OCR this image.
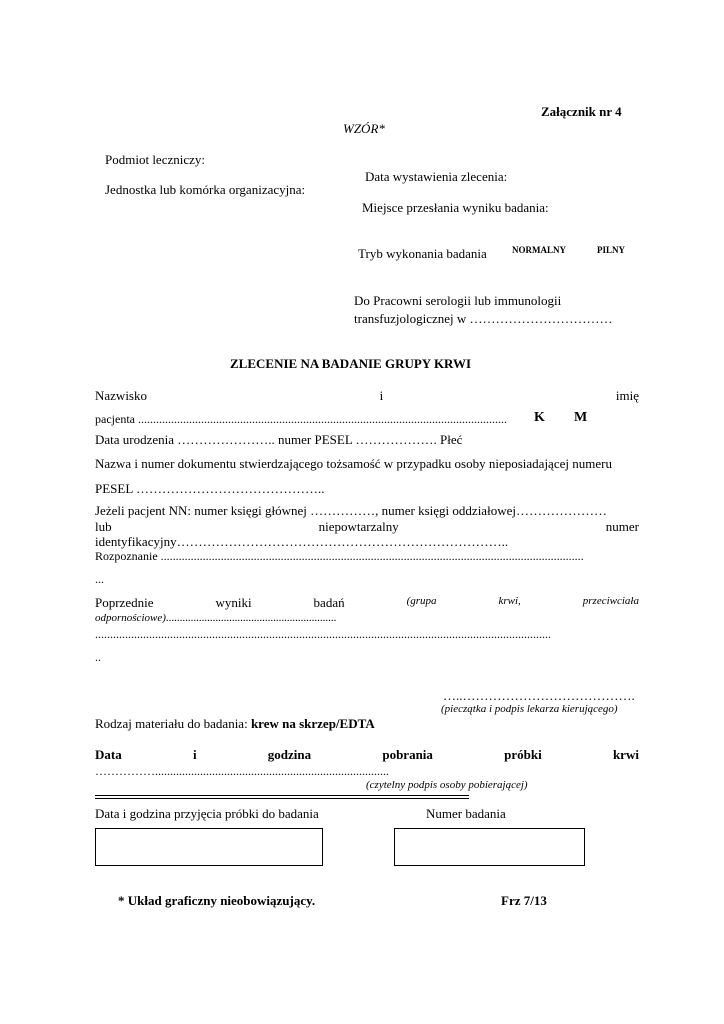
Załącznik nr 4
WZÓR*
Podmiot leczniczy:
Jednostka lub komórka organizacyjna:
Data wystawienia zlecenia:
Miejsce przesłania wyniku badania:
Tryb wykonania badania	NORMALNY	PILNY
Do Pracowni serologii lub immunologii
transfuzjologicznej w ……………………………
ZLECENIE NA BADANIE GRUPY KRWI
Nazwisko	i	imię
pacjenta ...........................................................................................................................	K M
Data urodzenia ………………….. numer PESEL ………………. Płeć
Nazwa i numer dokumentu stwierdzającego tożsamość w przypadku osoby nieposiadającej numeru
PESEL ……………………………………..
Jeżeli pacjent NN: numer księgi głównej ……………, numer księgi oddziałowej…………………
lub	niepowtarzalny	numer
identyfikacyjny…………………………………………………………………..
Rozpoznanie .............................................................................................................................................
...
Poprzednie	wyniki	badań	(grupa	krwi,	przeciwciała
odpornościowe)..............................................................
........................................................................................................................................................
..
…..………………………………….
(pieczątka i podpis lekarza kierującego)
Rodzaj materiału do badania: krew na skrzep/EDTA
Data	i	godzina	pobrania	próbki	krwi
……………..............................................................................
(czytelny podpis osoby pobierającej)
Data i godzina przyjęcia próbki do badania	Numer badania
* Układ graficzny nieobowiązujący.	Frz 7/13
